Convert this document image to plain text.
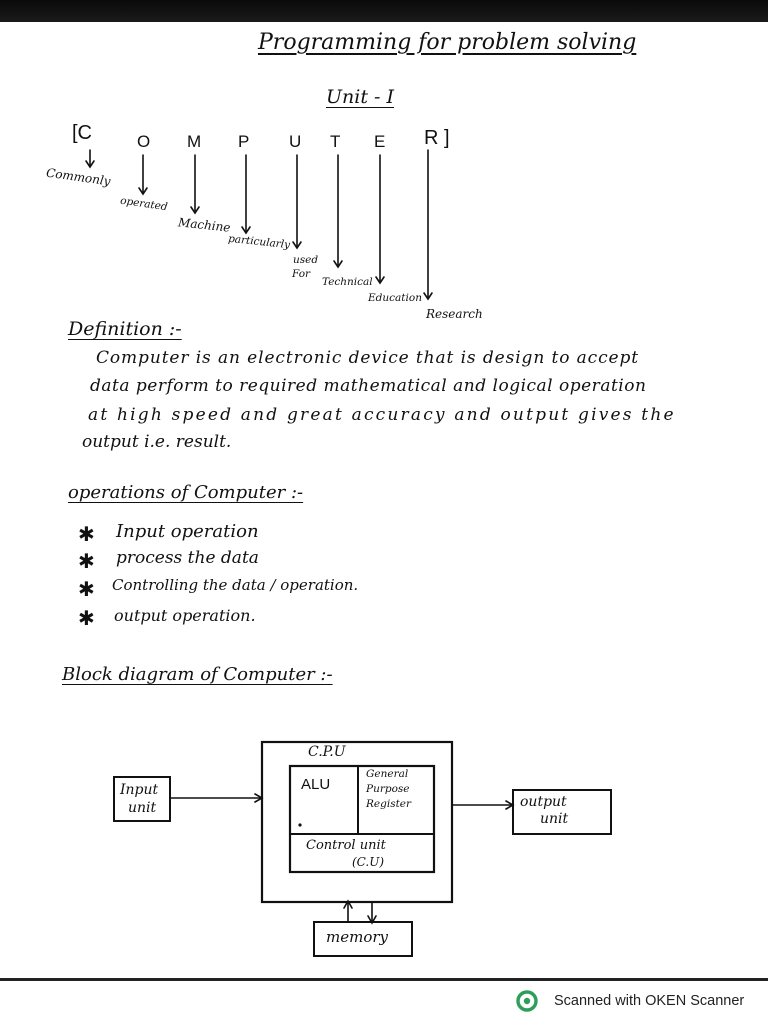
Programming for problem solving
Unit - I
[C	O M P U T E R ]
Commonly
operated
Machine
particularly
used
For
Technical
Education
Research
Definition :-
Computer is an electronic device that is design to accept
data perform to required mathematical and logical operation
at high speed and great accuracy and output gives the
output i.e. result.
operations of Computer :-
✱ Input operation
✱ process the data
✱ Controlling the data / operation.
✱ output operation.
Block diagram of Computer :-
C.P.U
ALU
General
Purpose
Register
Control unit
(C.U)
Input
unit	output
unit
memory
Scanned with OKEN Scanner
